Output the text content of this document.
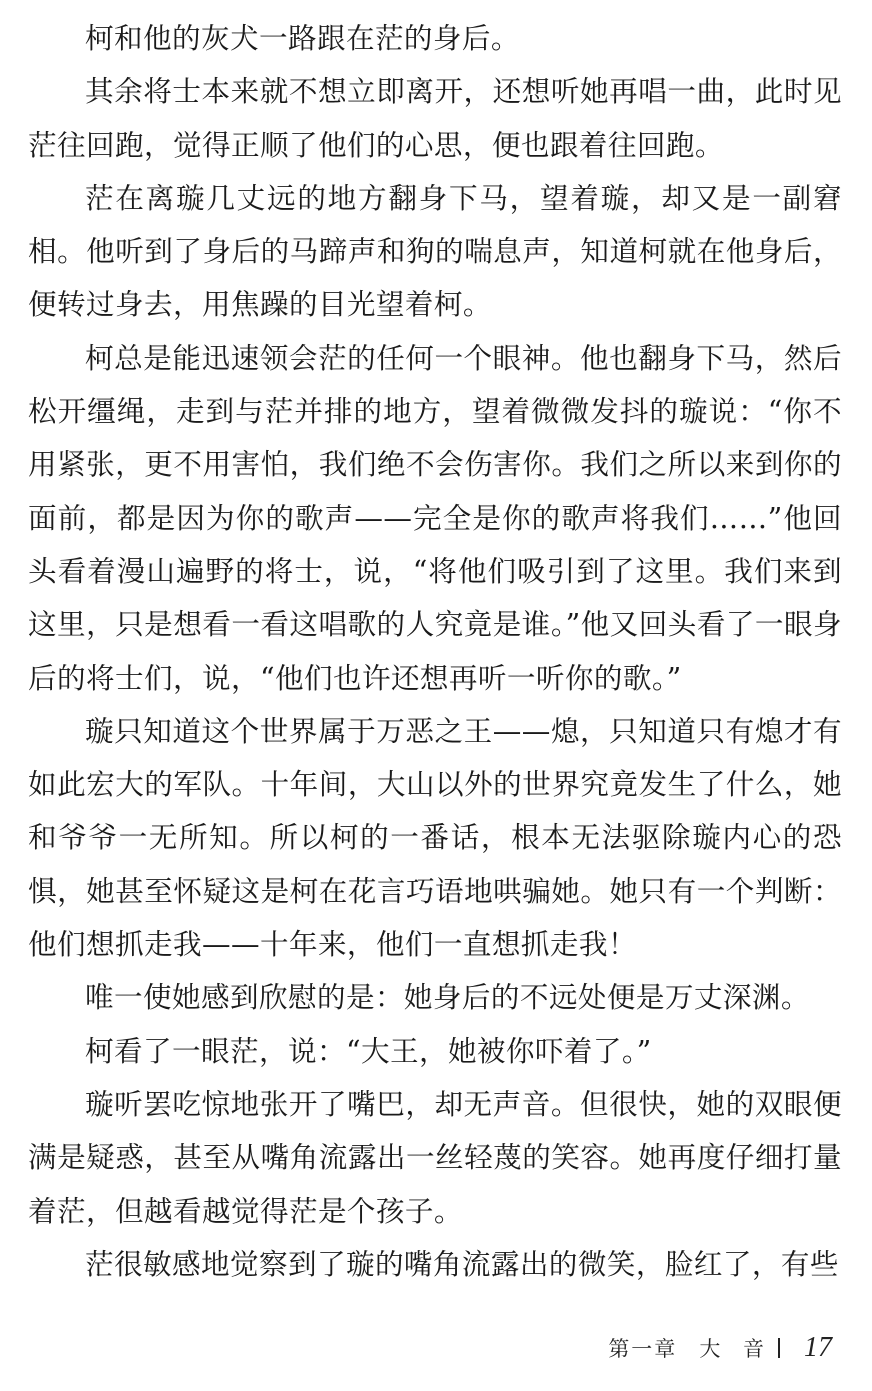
柯和他的灰犬一路跟在茫的身后。

其余将士本来就不想立即离开，还想听她再唱一曲，此时见茫往回跑，觉得正顺了他们的心思，便也跟着往回跑。

茫在离璇几丈远的地方翻身下马，望着璇，却又是一副窘相。他听到了身后的马蹄声和狗的喘息声，知道柯就在他身后，便转过身去，用焦躁的目光望着柯。

柯总是能迅速领会茫的任何一个眼神。他也翻身下马，然后松开缰绳，走到与茫并排的地方，望着微微发抖的璇说：“你不用紧张，更不用害怕，我们绝不会伤害你。我们之所以来到你的面前，都是因为你的歌声——完全是你的歌声将我们……”他回头看着漫山遍野的将士，说，“将他们吸引到了这里。我们来到这里，只是想看一看这唱歌的人究竟是谁。”他又回头看了一眼身后的将士们，说，“他们也许还想再听一听你的歌。”

璇只知道这个世界属于万恶之王——熄，只知道只有熄才有如此宏大的军队。十年间，大山以外的世界究竟发生了什么，她和爷爷一无所知。所以柯的一番话，根本无法驱除璇内心的恐惧，她甚至怀疑这是柯在花言巧语地哄骗她。她只有一个判断：他们想抓走我——十年来，他们一直想抓走我！

唯一使她感到欣慰的是：她身后的不远处便是万丈深渊。

柯看了一眼茫，说：“大王，她被你吓着了。”

璇听罢吃惊地张开了嘴巴，却无声音。但很快，她的双眼便满是疑惑，甚至从嘴角流露出一丝轻蔑的笑容。她再度仔细打量着茫，但越看越觉得茫是个孩子。

茫很敏感地觉察到了璇的嘴角流露出的微笑，脸红了，有些

第一章 大 音 17
